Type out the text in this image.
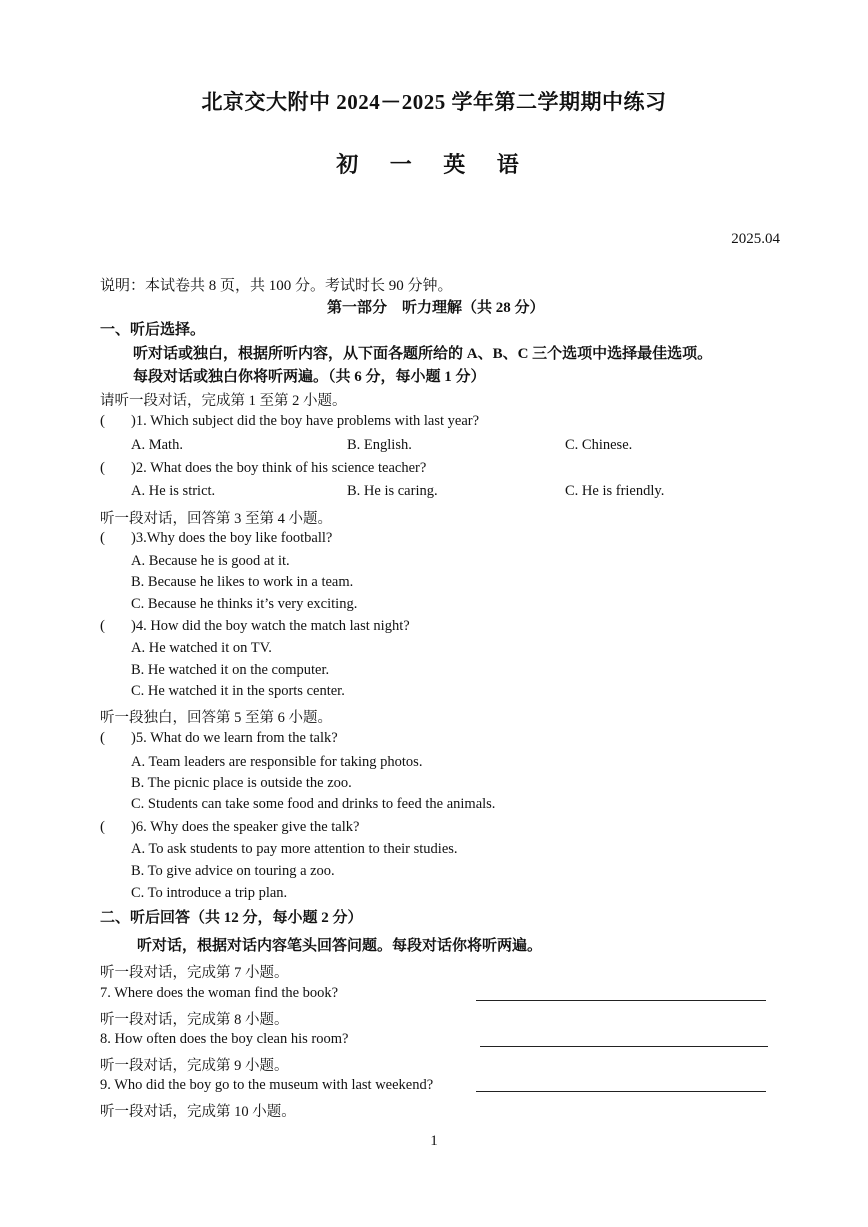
北京交大附中 2024－2025 学年第二学期期中练习
初 一 英 语
2025.04
说明：本试卷共 8 页，共 100 分。考试时长 90 分钟。
第一部分　听力理解（共 28 分）
一、听后选择。
听对话或独白，根据所听内容，从下面各题所给的 A、B、C 三个选项中选择最佳选项。
每段对话或独白你将听两遍。（共 6 分，每小题 1 分）
请听一段对话，完成第 1 至第 2 小题。
( )1. Which subject did the boy have problems with last year?
A. Math.	B. English.	C. Chinese.
( )2. What does the boy think of his science teacher?
A. He is strict.	B. He is caring.	C. He is friendly.
听一段对话，回答第 3 至第 4 小题。
( )3.Why does the boy like football?
A. Because he is good at it.
B. Because he likes to work in a team.
C. Because he thinks it’s very exciting.
( )4. How did the boy watch the match last night?
A. He watched it on TV.
B. He watched it on the computer.
C. He watched it in the sports center.
听一段独白，回答第 5 至第 6 小题。
( )5. What do we learn from the talk?
A. Team leaders are responsible for taking photos.
B. The picnic place is outside the zoo.
C. Students can take some food and drinks to feed the animals.
( )6. Why does the speaker give the talk?
A. To ask students to pay more attention to their studies.
B. To give advice on touring a zoo.
C. To introduce a trip plan.
二、听后回答（共 12 分，每小题 2 分）
听对话，根据对话内容笔头回答问题。每段对话你将听两遍。
听一段对话，完成第 7 小题。
7. Where does the woman find the book?
听一段对话，完成第 8 小题。
8. How often does the boy clean his room?
听一段对话，完成第 9 小题。
9. Who did the boy go to the museum with last weekend?
听一段对话，完成第 10 小题。
1
